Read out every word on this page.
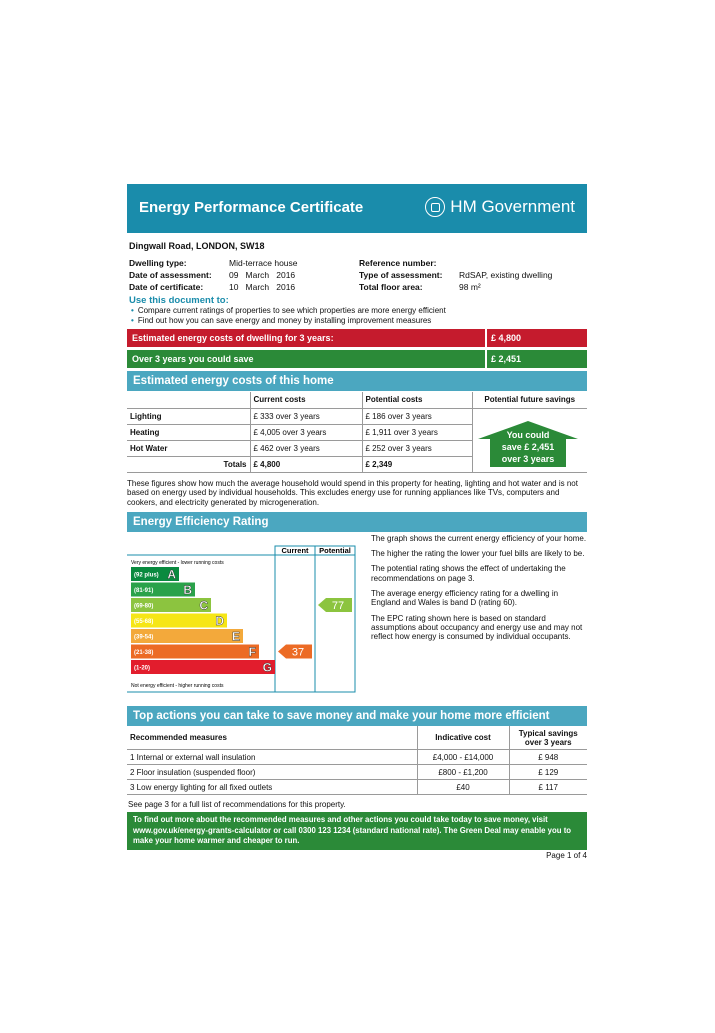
Energy Performance Certificate	HM Government
Dingwall Road, LONDON, SW18
Dwelling type:	Mid-terrace house
Date of assessment:	09   March   2016
Date of certificate:	10   March   2016
Reference number:
Type of assessment:	RdSAP, existing dwelling
Total floor area:	98 m²
Use this document to:
• Compare current ratings of properties to see which properties are more energy efficient
• Find out how you can save energy and money by installing improvement measures
Estimated energy costs of dwelling for 3 years:	£ 4,800
Over 3 years you could save	£ 2,451
Estimated energy costs of this home
	Current costs	Potential costs	Potential future savings
Lighting	£ 333 over 3 years	£ 186 over 3 years	
Heating	£ 4,005 over 3 years	£ 1,911 over 3 years	
Hot Water	£ 462 over 3 years	£ 252 over 3 years	
Totals	£ 4,800	£ 2,349	
You could
save £ 2,451
over 3 years
These figures show how much the average household would spend in this property for heating, lighting and hot water and is not based on energy used by individual households. This excludes energy use for running appliances like TVs, computers and cookers, and electricity generated by microgeneration.
Energy Efficiency Rating
Current Potential
Very energy efficient - lower running costs
Not energy efficient - higher running costs
(92 plus) A
(81-91) B
(69-80)	C
(55-68)	D
(39-54)	E
(21-38)	F
(1-20)	G
37
77

The graph shows the current energy efficiency of your home.

The higher the rating the lower your fuel bills are likely to be.

The potential rating shows the effect of undertaking the recommendations on page 3.

The average energy efficiency rating for a dwelling in England and Wales is band D (rating 60).

The EPC rating shown here is based on standard assumptions about occupancy and energy use and may not reflect how energy is consumed by individual occupants.

Top actions you can take to save money and make your home more efficient
Recommended measures	Indicative cost	Typical savings over 3 years
1 Internal or external wall insulation	£4,000 - £14,000	£ 948
2 Floor insulation (suspended floor)	£800 - £1,200	£ 129
3 Low energy lighting for all fixed outlets	£40	£ 117
See page 3 for a full list of recommendations for this property.
To find out more about the recommended measures and other actions you could take today to save money, visit www.gov.uk/energy-grants-calculator or call 0300 123 1234 (standard national rate). The Green Deal may enable you to make your home warmer and cheaper to run.
Page 1 of 4
